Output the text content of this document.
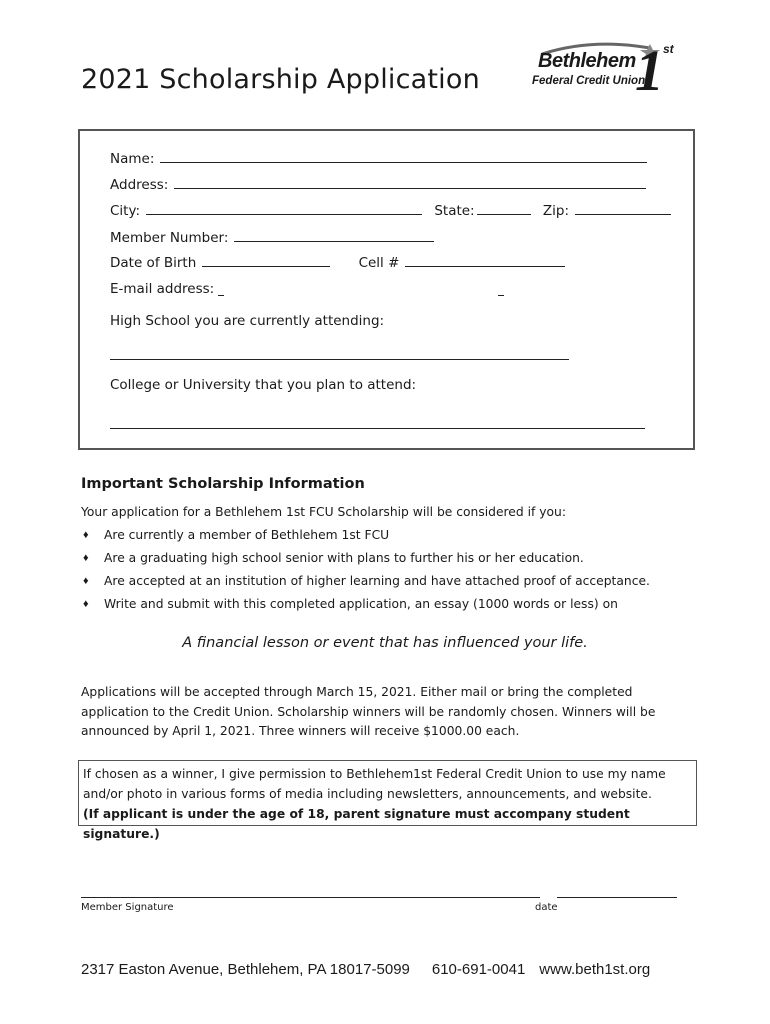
2021 Scholarship Application
Bethlehem
Federal Credit Union
1 st
Name:
Address:
City:	State:	Zip:
Member Number:
Date of Birth	Cell #
E-mail address:
High School you are currently attending:
College or University that you plan to attend:
Important Scholarship Information
Your application for a Bethlehem 1st FCU Scholarship will be considered if you:
♦ Are currently a member of Bethlehem 1st FCU
♦ Are a graduating high school senior with plans to further his or her education.
♦ Are accepted at an institution of higher learning and have attached proof of acceptance.
♦ Write and submit with this completed application, an essay (1000 words or less) on
A financial lesson or event that has influenced your life.
Applications will be accepted through March 15, 2021. Either mail or bring the completed application to the Credit Union. Scholarship winners will be randomly chosen. Winners will be announced by April 1, 2021. Three winners will receive $1000.00 each.
If chosen as a winner, I give permission to Bethlehem1st Federal Credit Union to use my name
and/or photo in various forms of media including newsletters, announcements, and website.
(If applicant is under the age of 18, parent signature must accompany student signature.)
Member Signature	date
2317 Easton Avenue, Bethlehem, PA 18017-5099 610-691-0041 www.beth1st.org
